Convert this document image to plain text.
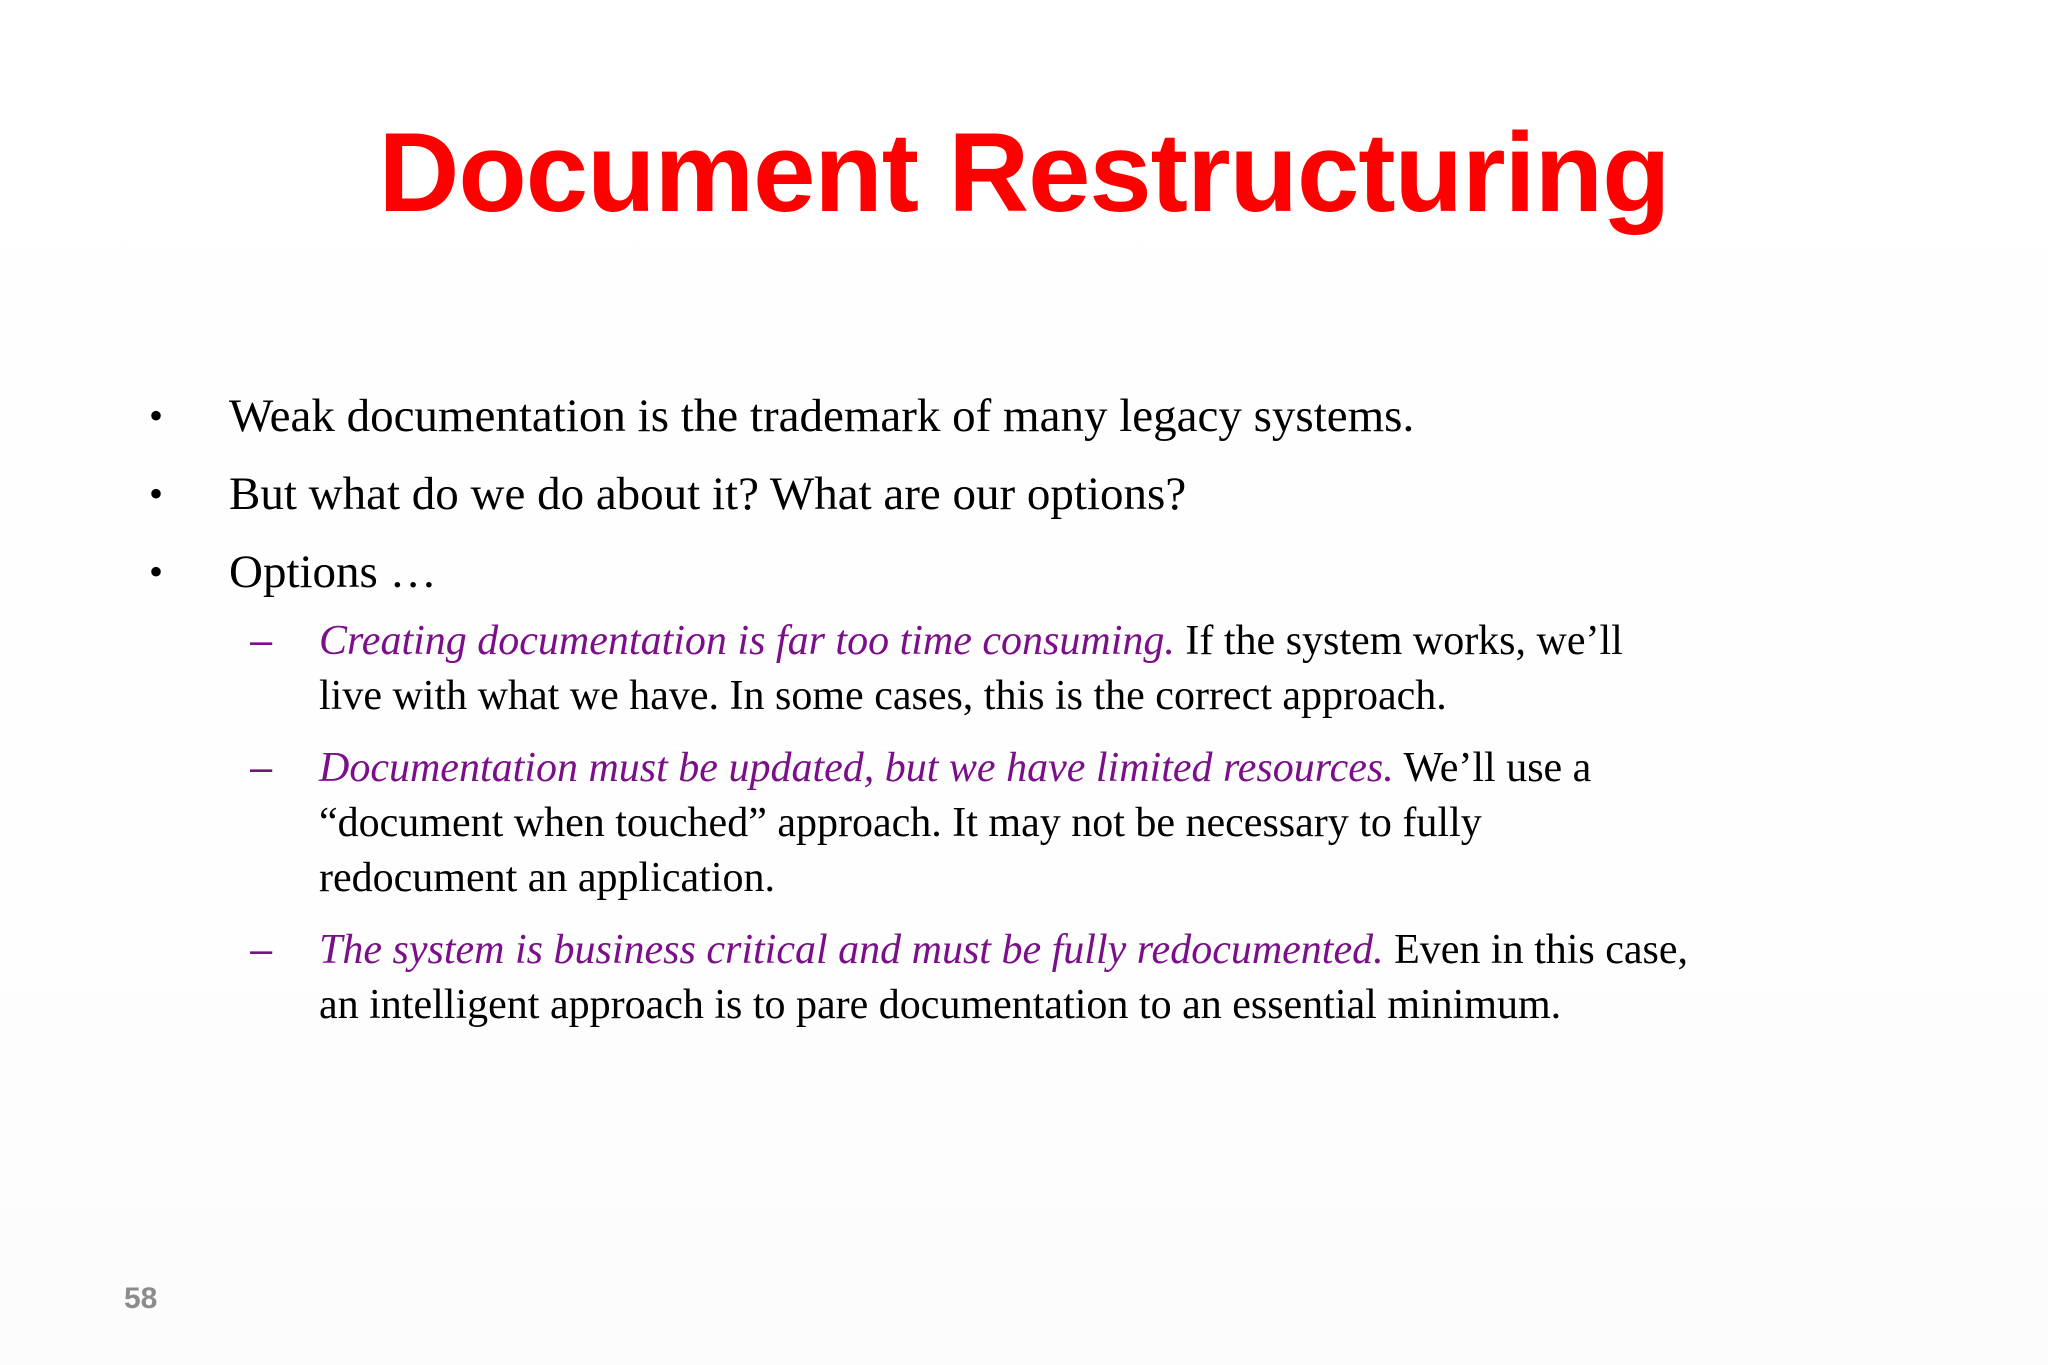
Document Restructuring
• Weak documentation is the trademark of many legacy systems.
• But what do we do about it? What are our options?
• Options …
– Creating documentation is far too time consuming. If the system works, we’ll
live with what we have. In some cases, this is the correct approach.
– Documentation must be updated, but we have limited resources. We’ll use a
“document when touched” approach. It may not be necessary to fully
redocument an application.
– The system is business critical and must be fully redocumented. Even in this case,
an intelligent approach is to pare documentation to an essential minimum.
58
